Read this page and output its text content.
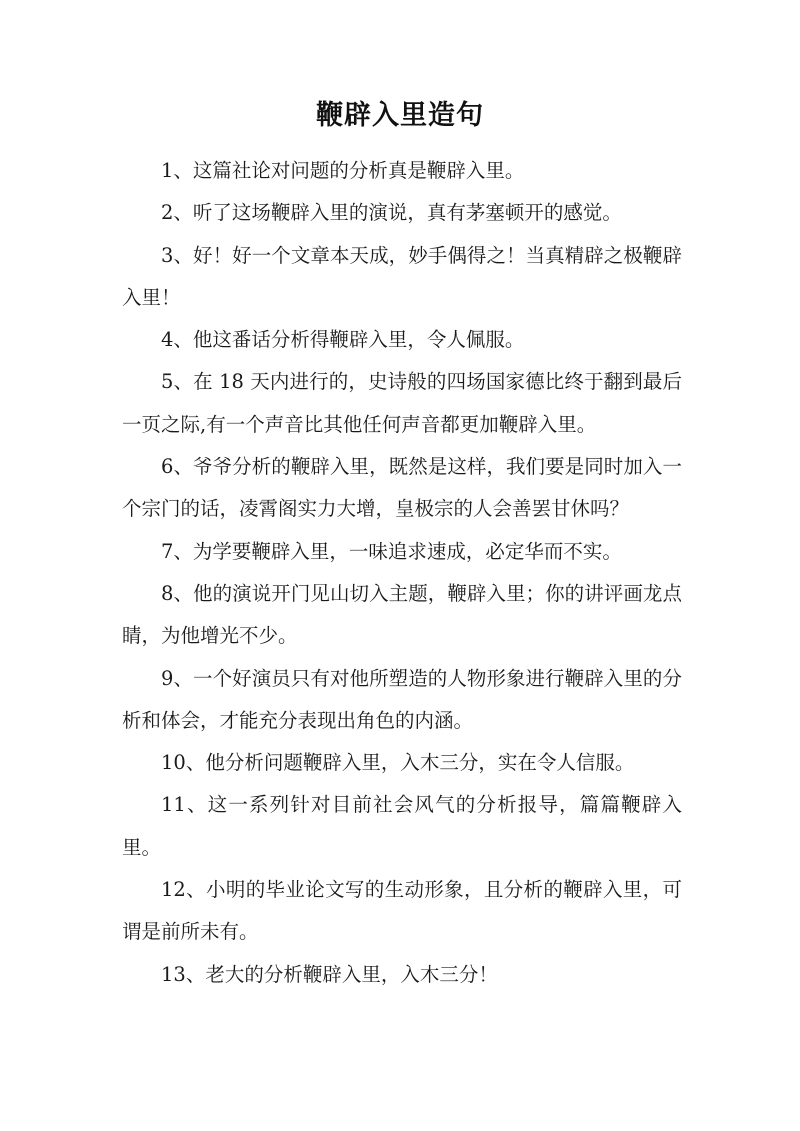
鞭辟入里造句

1、这篇社论对问题的分析真是鞭辟入里。

2、听了这场鞭辟入里的演说，真有茅塞顿开的感觉。

3、好！好一个文章本天成，妙手偶得之！当真精辟之极鞭辟入里！

4、他这番话分析得鞭辟入里，令人佩服。

5、在 18 天内进行的，史诗般的四场国家德比终于翻到最后一页之际,有一个声音比其他任何声音都更加鞭辟入里。

6、爷爷分析的鞭辟入里，既然是这样，我们要是同时加入一个宗门的话，凌霄阁实力大增，皇极宗的人会善罢甘休吗？

7、为学要鞭辟入里，一味追求速成，必定华而不实。

8、他的演说开门见山切入主题，鞭辟入里；你的讲评画龙点睛，为他增光不少。

9、一个好演员只有对他所塑造的人物形象进行鞭辟入里的分析和体会，才能充分表现出角色的内涵。

10、他分析问题鞭辟入里，入木三分，实在令人信服。

11、这一系列针对目前社会风气的分析报导，篇篇鞭辟入里。

12、小明的毕业论文写的生动形象，且分析的鞭辟入里，可谓是前所未有。

13、老大的分析鞭辟入里，入木三分！
